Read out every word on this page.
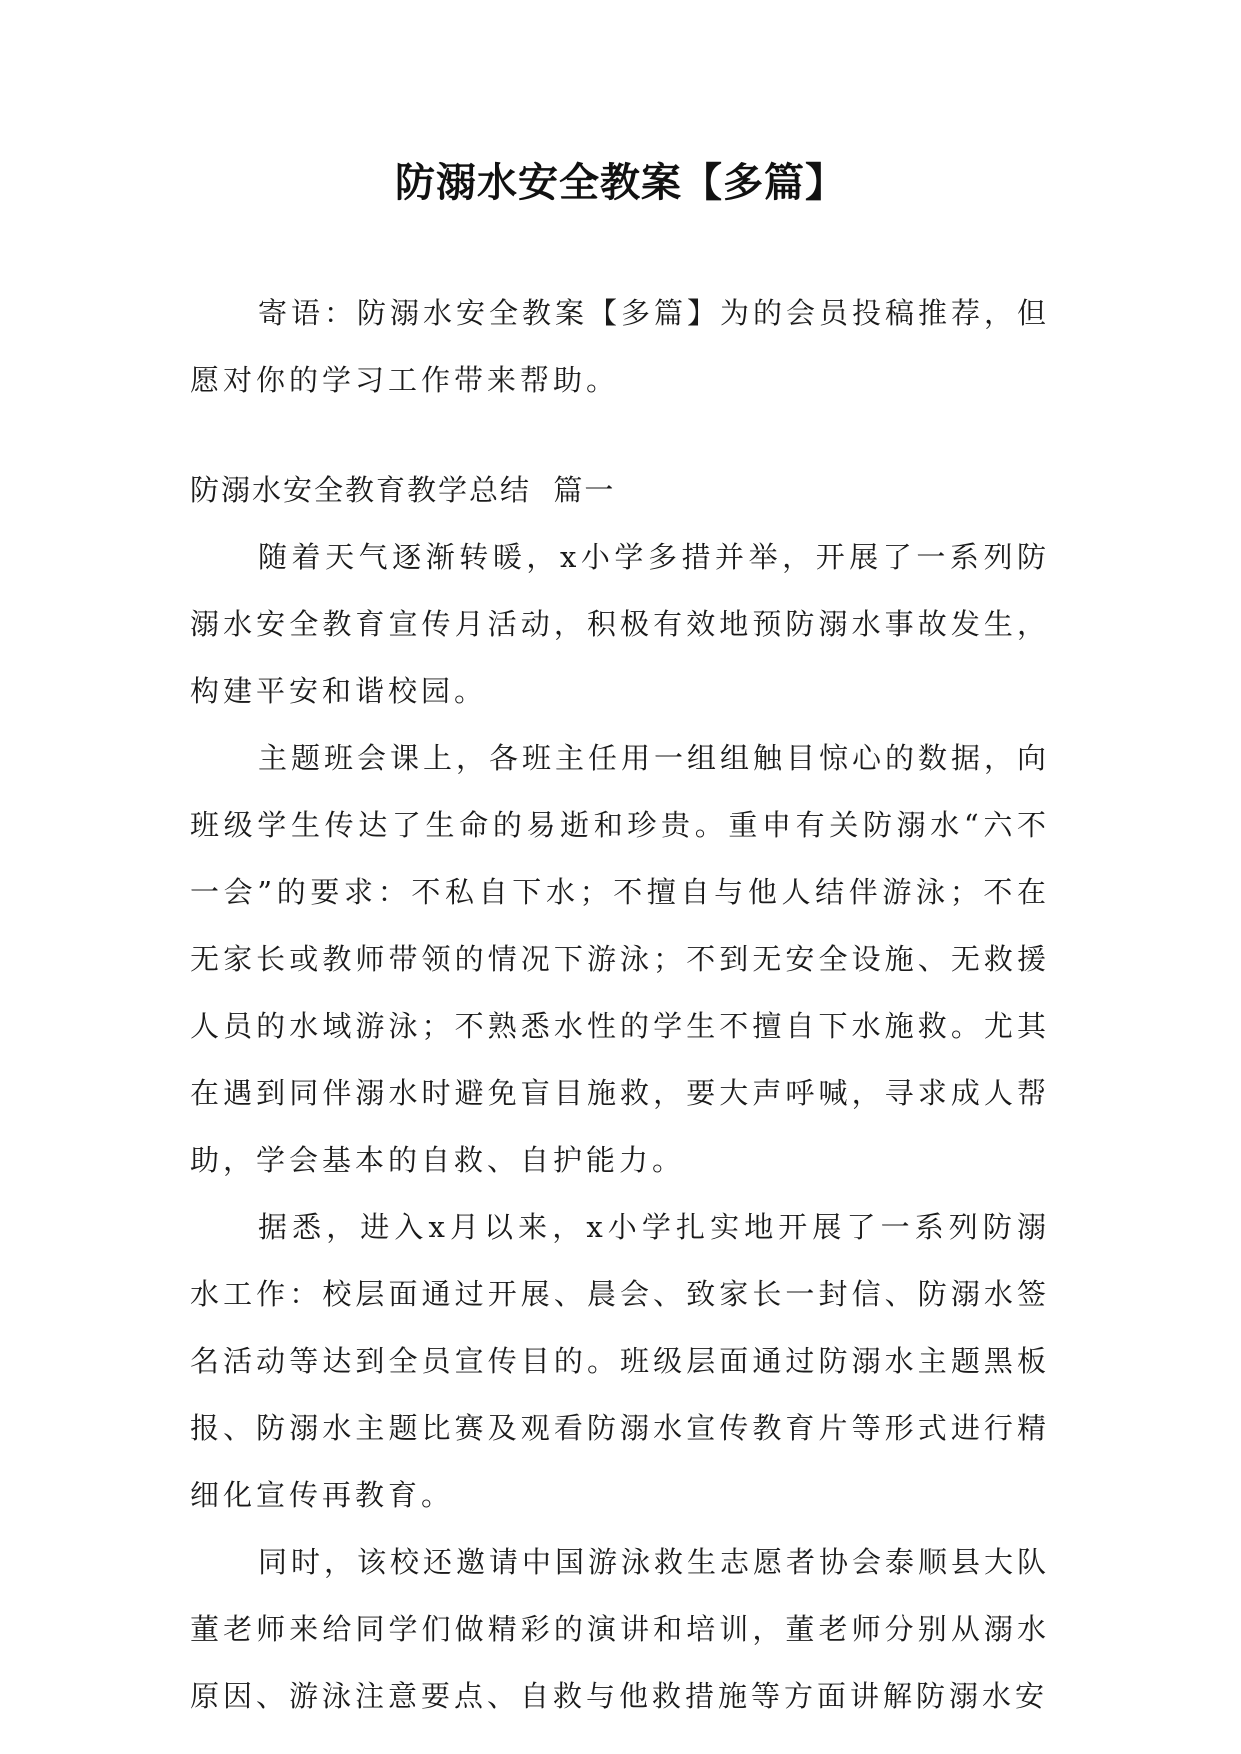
防溺水安全教案【多篇】

寄语：防溺水安全教案【多篇】为的会员投稿推荐，但愿对你的学习工作带来帮助。

防溺水安全教育教学总结  篇一

随着天气逐渐转暖，x小学多措并举，开展了一系列防溺水安全教育宣传月活动，积极有效地预防溺水事故发生，构建平安和谐校园。

主题班会课上，各班主任用一组组触目惊心的数据，向班级学生传达了生命的易逝和珍贵。重申有关防溺水“六不一会”的要求：不私自下水；不擅自与他人结伴游泳；不在无家长或教师带领的情况下游泳；不到无安全设施、无救援人员的水域游泳；不熟悉水性的学生不擅自下水施救。尤其在遇到同伴溺水时避免盲目施救，要大声呼喊，寻求成人帮助，学会基本的自救、自护能力。

据悉，进入x月以来，x小学扎实地开展了一系列防溺水工作：校层面通过开展、晨会、致家长一封信、防溺水签名活动等达到全员宣传目的。班级层面通过防溺水主题黑板报、防溺水主题比赛及观看防溺水宣传教育片等形式进行精细化宣传再教育。

同时，该校还邀请中国游泳救生志愿者协会泰顺县大队董老师来给同学们做精彩的演讲和培训，董老师分别从溺水原因、游泳注意要点、自救与他救措施等方面讲解防溺水安
